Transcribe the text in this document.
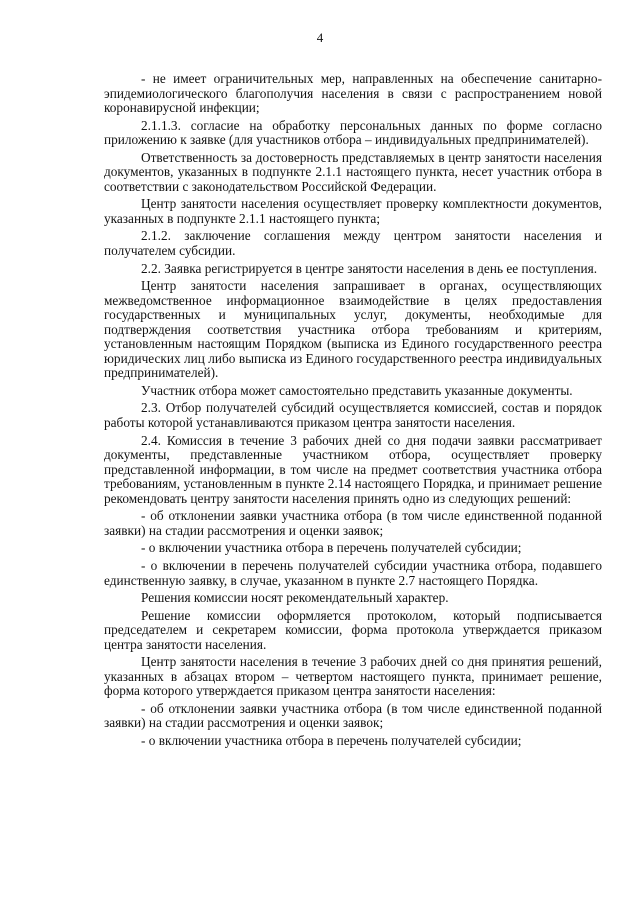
4

- не имеет ограничительных мер, направленных на обеспечение санитарно-эпидемиологического благополучия населения в связи с распространением новой коронавирусной инфекции;

2.1.1.3. согласие на обработку персональных данных по форме согласно приложению к заявке (для участников отбора – индивидуальных предпринимателей).

Ответственность за достоверность представляемых в центр занятости населения документов, указанных в подпункте 2.1.1 настоящего пункта, несет участник отбора в соответствии с законодательством Российской Федерации.

Центр занятости населения осуществляет проверку комплектности документов, указанных в подпункте 2.1.1 настоящего пункта;

2.1.2. заключение соглашения между центром занятости населения и получателем субсидии.

2.2. Заявка регистрируется в центре занятости населения в день ее поступления.

Центр занятости населения запрашивает в органах, осуществляющих межведомственное информационное взаимодействие в целях предоставления государственных и муниципальных услуг, документы, необходимые для подтверждения соответствия участника отбора требованиям и критериям, установленным настоящим Порядком (выписка из Единого государственного реестра юридических лиц либо выписка из Единого государственного реестра индивидуальных предпринимателей).

Участник отбора может самостоятельно представить указанные документы.

2.3. Отбор получателей субсидий осуществляется комиссией, состав и порядок работы которой устанавливаются приказом центра занятости населения.

2.4. Комиссия в течение 3 рабочих дней со дня подачи заявки рассматривает документы, представленные участником отбора, осуществляет проверку представленной информации, в том числе на предмет соответствия участника отбора требованиям, установленным в пункте 2.14 настоящего Порядка, и принимает решение рекомендовать центру занятости населения принять одно из следующих решений:

- об отклонении заявки участника отбора (в том числе единственной поданной заявки) на стадии рассмотрения и оценки заявок;

- о включении участника отбора в перечень получателей субсидии;

- о включении в перечень получателей субсидии участника отбора, подавшего единственную заявку, в случае, указанном в пункте 2.7 настоящего Порядка.

Решения комиссии носят рекомендательный характер.

Решение комиссии оформляется протоколом, который подписывается председателем и секретарем комиссии, форма протокола утверждается приказом центра занятости населения.

Центр занятости населения в течение 3 рабочих дней со дня принятия решений, указанных в абзацах втором – четвертом настоящего пункта, принимает решение, форма которого утверждается приказом центра занятости населения:

- об отклонении заявки участника отбора (в том числе единственной поданной заявки) на стадии рассмотрения и оценки заявок;

- о включении участника отбора в перечень получателей субсидии;
